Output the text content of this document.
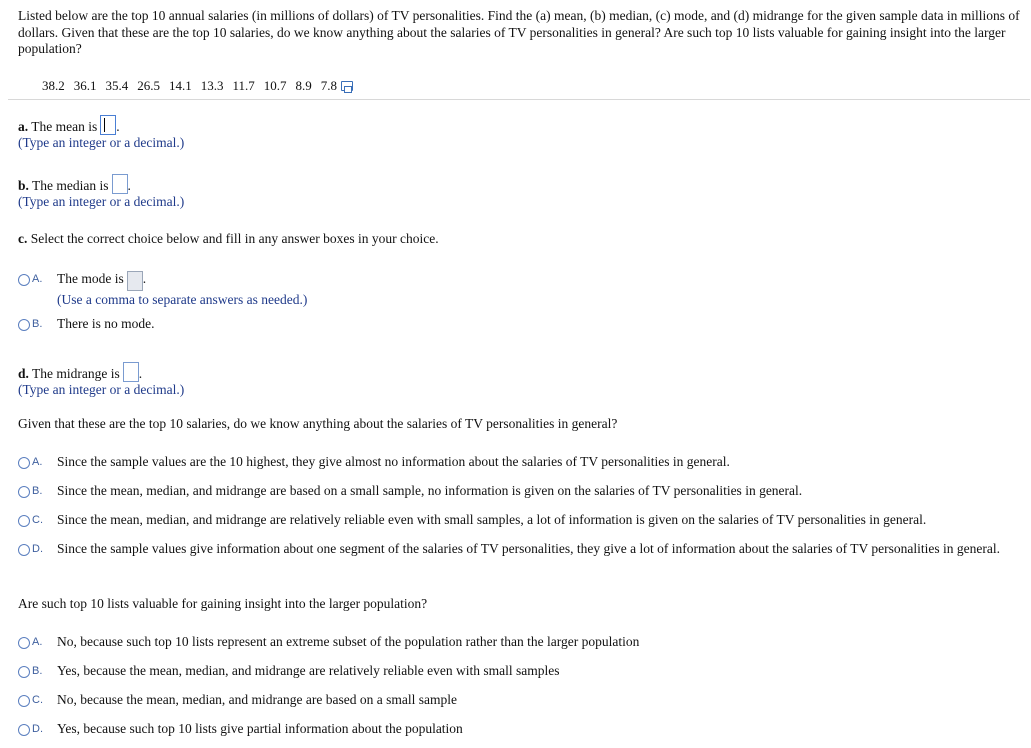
Listed below are the top 10 annual salaries (in millions of dollars) of TV personalities. Find the (a) mean, (b) median, (c) mode, and (d) midrange for the given sample data in millions of dollars. Given that these are the top 10 salaries, do we know anything about the salaries of TV personalities in general? Are such top 10 lists valuable for gaining insight into the larger population?
38.2 36.1 35.4 26.5 14.1 13.3 11.7 10.7 8.9 7.8
a. The mean is .
(Type an integer or a decimal.)
b. The median is .
(Type an integer or a decimal.)
c. Select the correct choice below and fill in any answer boxes in your choice.
A.	The mode is .
(Use a comma to separate answers as needed.)
B.	There is no mode.
d. The midrange is .
(Type an integer or a decimal.)
Given that these are the top 10 salaries, do we know anything about the salaries of TV personalities in general?
A.	Since the sample values are the 10 highest, they give almost no information about the salaries of TV personalities in general.
B.	Since the mean, median, and midrange are based on a small sample, no information is given on the salaries of TV personalities in general.
C.	Since the mean, median, and midrange are relatively reliable even with small samples, a lot of information is given on the salaries of TV personalities in general.
D.	Since the sample values give information about one segment of the salaries of TV personalities, they give a lot of information about the salaries of TV personalities in general.
Are such top 10 lists valuable for gaining insight into the larger population?
A.	No, because such top 10 lists represent an extreme subset of the population rather than the larger population
B.	Yes, because the mean, median, and midrange are relatively reliable even with small samples
C.	No, because the mean, median, and midrange are based on a small sample
D.	Yes, because such top 10 lists give partial information about the population
